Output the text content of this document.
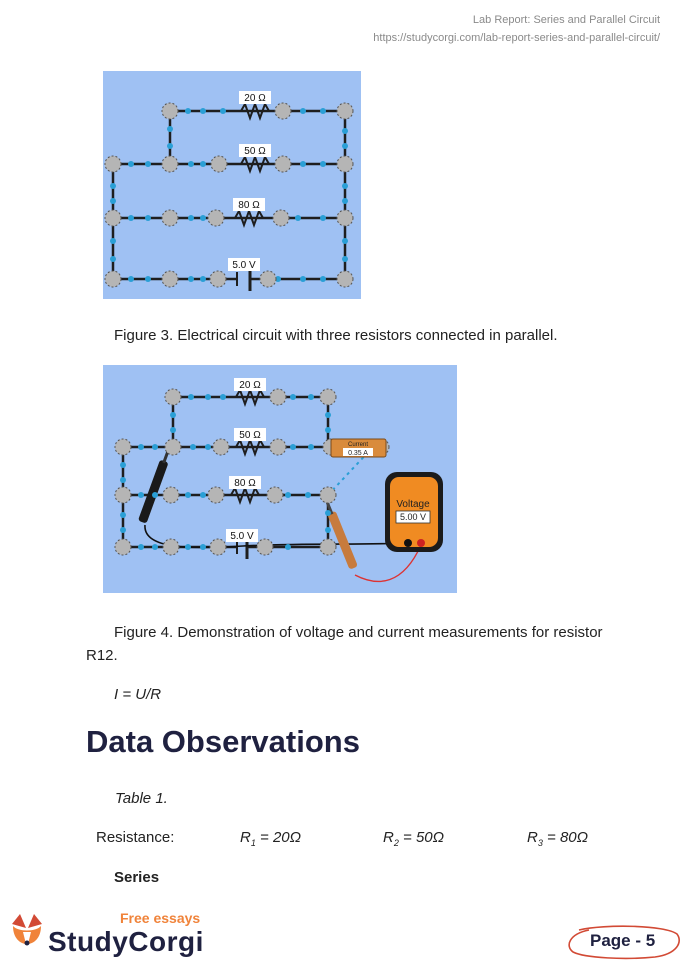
Lab Report: Series and Parallel Circuit
https://studycorgi.com/lab-report-series-and-parallel-circuit/
20 Ω
50 Ω
80 Ω
5.0 V
Figure 3. Electrical circuit with three resistors connected in parallel.
Current
0.35 A
Voltage
5.00 V
20 Ω
50 Ω
80 Ω
5.0 V
Figure 4. Demonstration of voltage and current measurements for resistor
R12.
I = U/R
Data Observations
Table 1.
Resistance:	$R_1 = 20\Omega$	$R_2 = 50\Omega$	$R_3 = 80\Omega$
Series
Free essays
StudyCorgi	Page - 5
